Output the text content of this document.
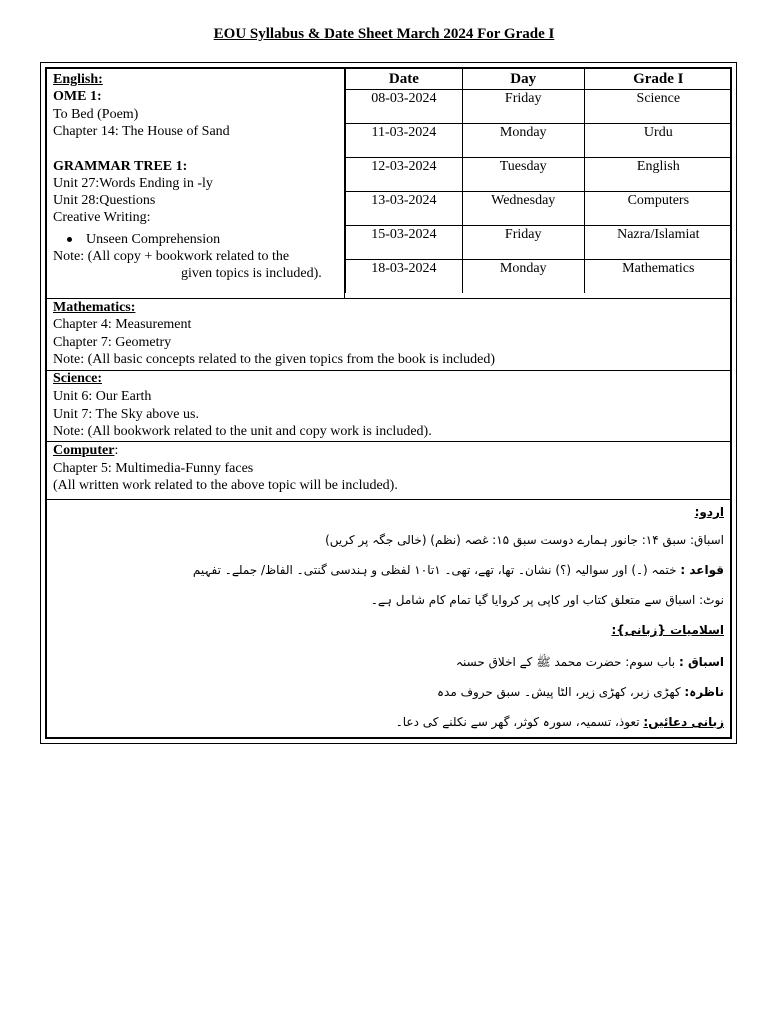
EOU Syllabus & Date Sheet March 2024 For Grade I
English:
OME 1:
To Bed (Poem)
Chapter 14: The House of Sand
GRAMMAR TREE 1:
Unit 27:Words Ending in -ly
Unit 28:Questions
Creative Writing:
Unseen Comprehension
Note: (All copy + bookwork related to the
given topics is included).
Date	Day	Grade I
08-03-2024	Friday	Science
11-03-2024	Monday	Urdu
12-03-2024	Tuesday	English
13-03-2024	Wednesday	Computers
15-03-2024	Friday	Nazra/Islamiat
18-03-2024	Monday	Mathematics
Mathematics:
Chapter 4: Measurement
Chapter 7: Geometry
Note: (All basic concepts related to the given topics from the book is included)
Science:
Unit 6: Our Earth
Unit 7: The Sky above us.
Note: (All bookwork related to the unit and copy work is included).
Computer:
Chapter 5: Multimedia-Funny faces
(All written work related to the above topic will be included).
اردو:
اسباق: سبق ۱۴: جانور ہمارے دوست سبق ۱۵: غصہ (نظم) (خالی جگہ پر کریں)
قواعد : ختمہ (۔) اور سوالیہ (؟) نشان۔ تھا، تھے، تھی۔ ۱تا۱۰ لفظی و ہندسی گنتی۔ الفاظ/ جملے۔ تفہیم
نوٹ: اسباق سے متعلق کتاب اور کاپی پر کروایا گیا تمام کام شامل ہے۔
اسلامیات {زبانی}:
اسباق : باب سوم: حضرت محمد ﷺ کے اخلاق حسنہ
ناظرہ: کھڑی زبر، کھڑی زیر، الٹا پیش۔ سبق حروف مدہ
زبانی دعائیں: تعوذ، تسمیہ، سورہ کوثر، گھر سے نکلنے کی دعا۔
